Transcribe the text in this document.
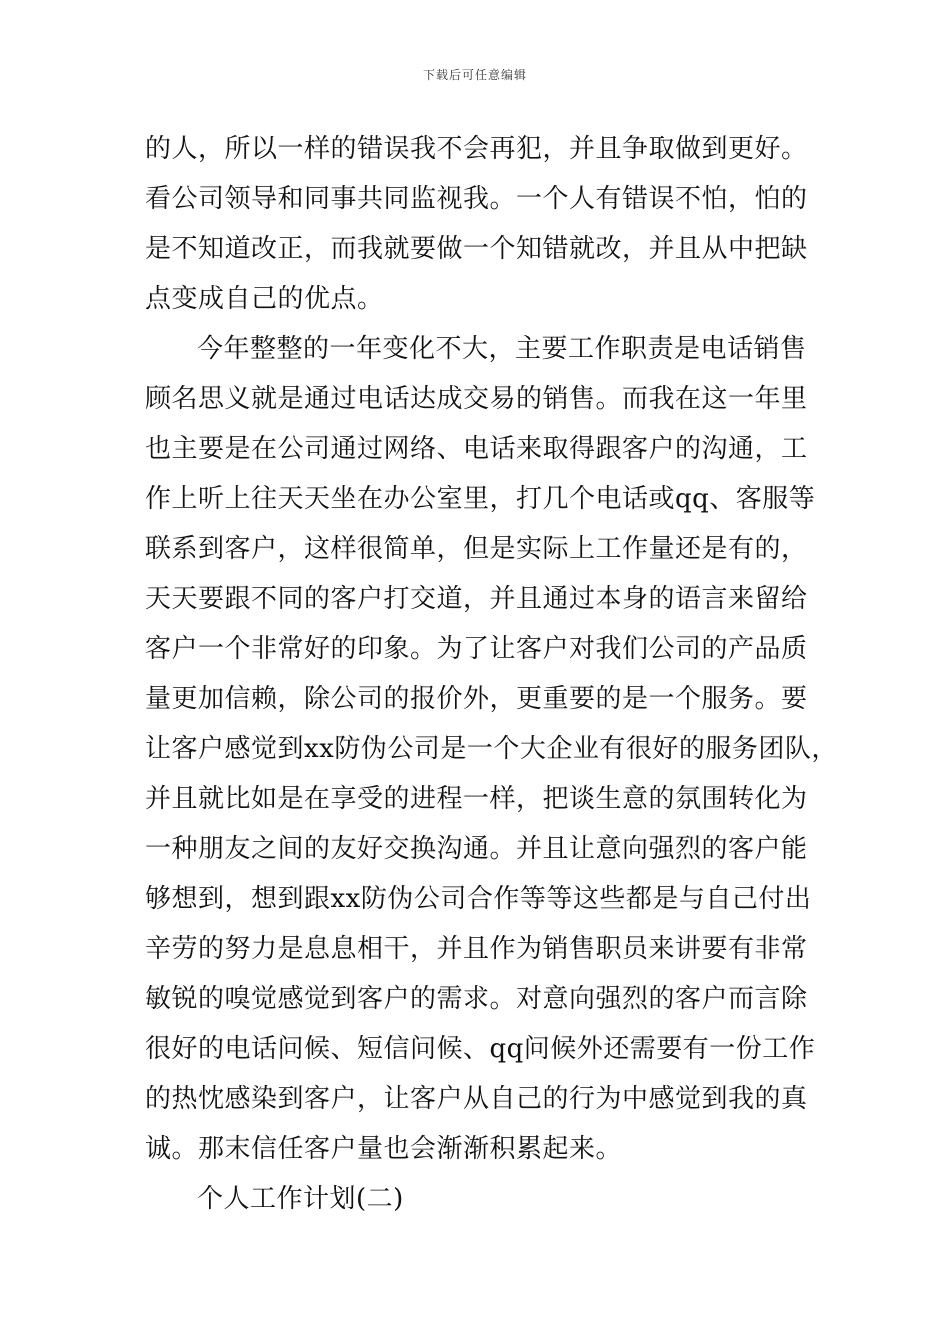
下载后可任意编辑
的人，所以一样的错误我不会再犯，并且争取做到更好。
看公司领导和同事共同监视我。一个人有错误不怕，怕的
是不知道改正，而我就要做一个知错就改，并且从中把缺
点变成自己的优点。
今年整整的一年变化不大，主要工作职责是电话销售
顾名思义就是通过电话达成交易的销售。而我在这一年里
也主要是在公司通过网络、电话来取得跟客户的沟通，工
作上听上往天天坐在办公室里，打几个电话或qq、客服等
联系到客户，这样很简单，但是实际上工作量还是有的，
天天要跟不同的客户打交道，并且通过本身的语言来留给
客户一个非常好的印象。为了让客户对我们公司的产品质
量更加信赖，除公司的报价外，更重要的是一个服务。要
让客户感觉到xx防伪公司是一个大企业有很好的服务团队，
并且就比如是在享受的进程一样，把谈生意的氛围转化为
一种朋友之间的友好交换沟通。并且让意向强烈的客户能
够想到，想到跟xx防伪公司合作等等这些都是与自己付出
辛劳的努力是息息相干，并且作为销售职员来讲要有非常
敏锐的嗅觉感觉到客户的需求。对意向强烈的客户而言除
很好的电话问候、短信问候、qq问候外还需要有一份工作
的热忱感染到客户，让客户从自己的行为中感觉到我的真
诚。那末信任客户量也会渐渐积累起来。
个人工作计划(二)
